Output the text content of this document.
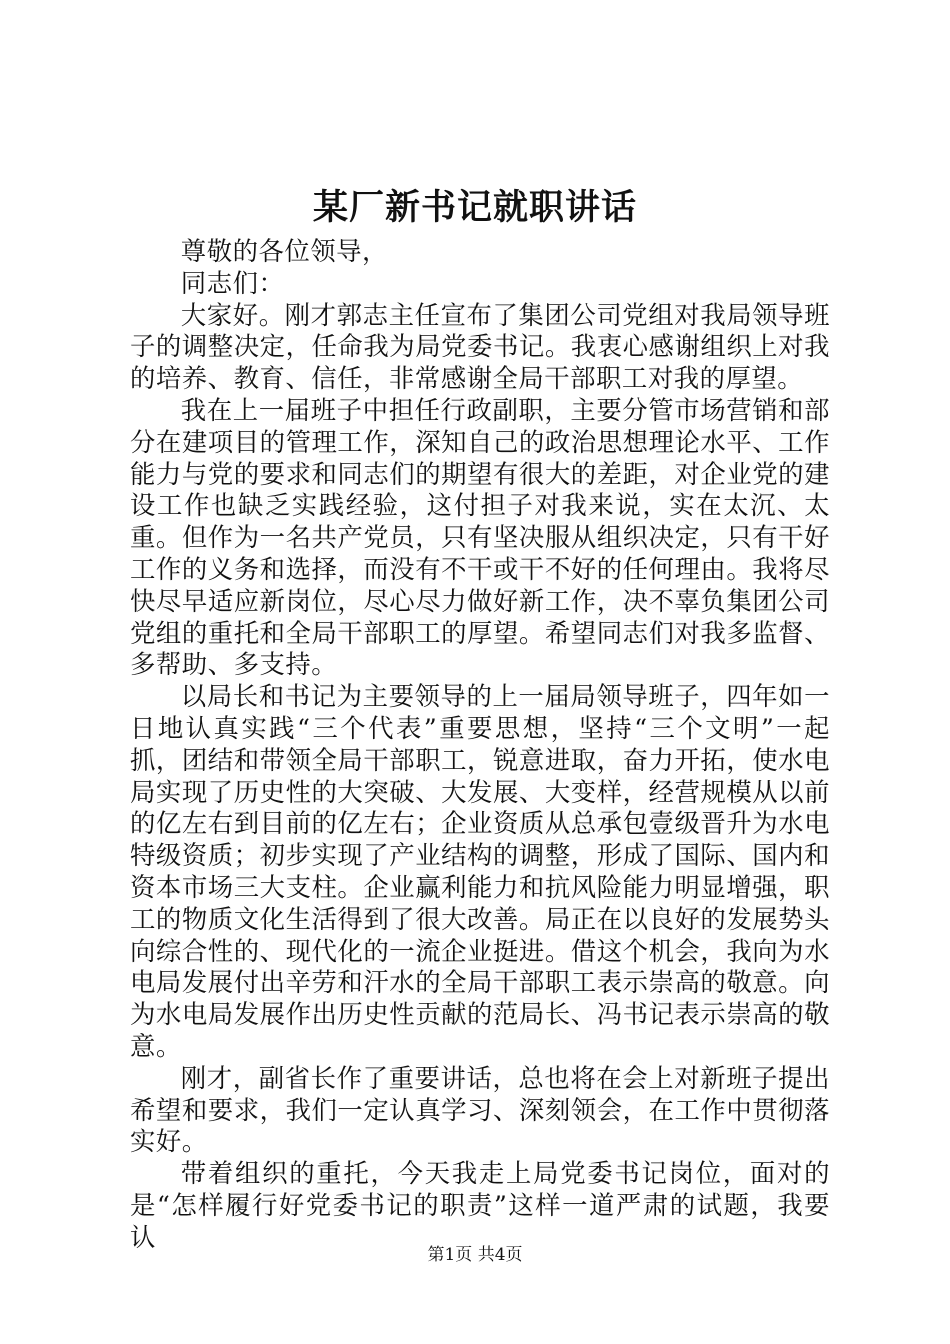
某厂新书记就职讲话

尊敬的各位领导，

同志们：

大家好。刚才郭志主任宣布了集团公司党组对我局领导班子的调整决定，任命我为局党委书记。我衷心感谢组织上对我的培养、教育、信任，非常感谢全局干部职工对我的厚望。

我在上一届班子中担任行政副职，主要分管市场营销和部分在建项目的管理工作，深知自己的政治思想理论水平、工作能力与党的要求和同志们的期望有很大的差距，对企业党的建设工作也缺乏实践经验，这付担子对我来说，实在太沉、太重。但作为一名共产党员，只有坚决服从组织决定，只有干好工作的义务和选择，而没有不干或干不好的任何理由。我将尽快尽早适应新岗位，尽心尽力做好新工作，决不辜负集团公司党组的重托和全局干部职工的厚望。希望同志们对我多监督、多帮助、多支持。

以局长和书记为主要领导的上一届局领导班子，四年如一日地认真实践“三个代表”重要思想，坚持“三个文明”一起抓，团结和带领全局干部职工，锐意进取，奋力开拓，使水电局实现了历史性的大突破、大发展、大变样，经营规模从以前的亿左右到目前的亿左右；企业资质从总承包壹级晋升为水电特级资质；初步实现了产业结构的调整，形成了国际、国内和资本市场三大支柱。企业赢利能力和抗风险能力明显增强，职工的物质文化生活得到了很大改善。局正在以良好的发展势头向综合性的、现代化的一流企业挺进。借这个机会，我向为水电局发展付出辛劳和汗水的全局干部职工表示崇高的敬意。向为水电局发展作出历史性贡献的范局长、冯书记表示崇高的敬意。

刚才，副省长作了重要讲话，总也将在会上对新班子提出希望和要求，我们一定认真学习、深刻领会，在工作中贯彻落实好。

带着组织的重托，今天我走上局党委书记岗位，面对的是“怎样履行好党委书记的职责”这样一道严肃的试题，我要认

第1页 共4页
